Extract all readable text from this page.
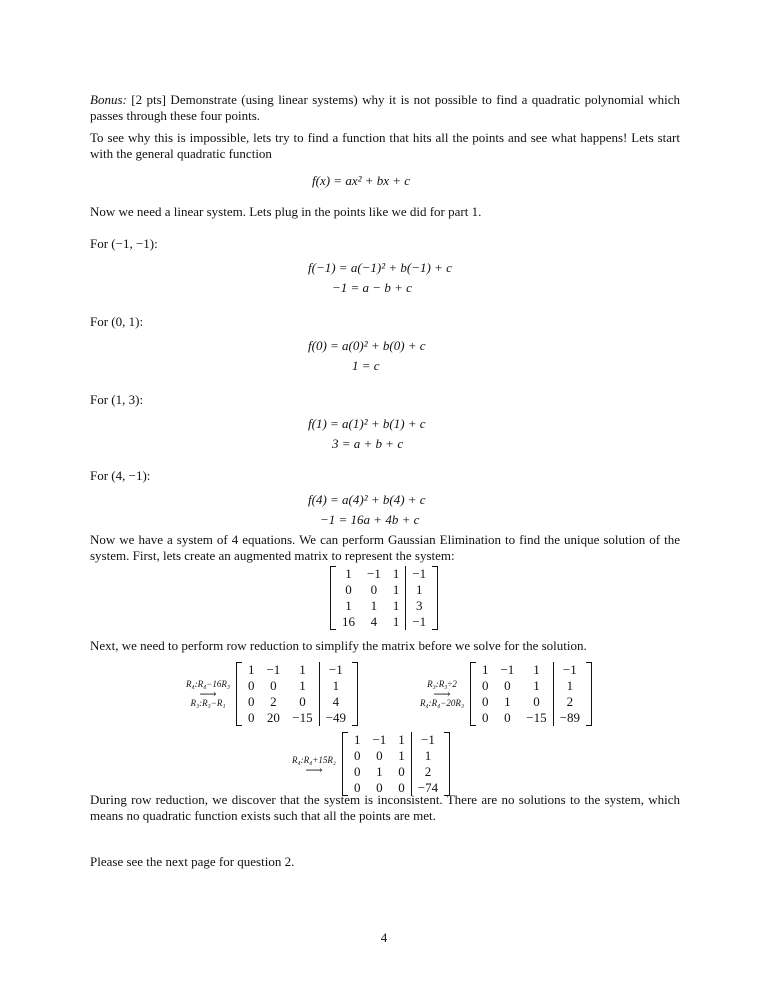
Bonus: [2 pts] Demonstrate (using linear systems) why it is not possible to find a quadratic polynomial which passes through these four points.
To see why this is impossible, lets try to find a function that hits all the points and see what happens! Lets start with the general quadratic function
f(x) = ax² + bx + c
Now we need a linear system. Lets plug in the points like we did for part 1.
For (−1, −1):
f(−1) = a(−1)² + b(−1) + c
−1 = a − b + c
For (0, 1):
f(0) = a(0)² + b(0) + c
1 = c
For (1, 3):
f(1) = a(1)² + b(1) + c
3 = a + b + c
For (4, −1):
f(4) = a(4)² + b(4) + c
−1 = 16a + 4b + c
Now we have a system of 4 equations. We can perform Gaussian Elimination to find the unique solution of the system. First, lets create an augmented matrix to represent the system:
1	−1	1	−1
0	0	1	1
1	1	1	3
16	4	1	−1
Next, we need to perform row reduction to simplify the matrix before we solve for the solution.
R₄:R₄−16R₃
⟶
R₃:R₃−R₁
1	−1	1	−1
0	0	1	1
0	2	0	4
0	20	−15	−49
R₃:R₃÷2
⟶
R₄:R₄−20R₃
1	−1	1	−1
0	0	1	1
0	1	0	2
0	0	−15	−89
R₄:R₄+15R₂
⟶
1	−1	1	−1
0	0	1	1
0	1	0	2
0	0	0	−74
During row reduction, we discover that the system is inconsistent. There are no solutions to the system, which means no quadratic function exists such that all the points are met.
Please see the next page for question 2.
4
